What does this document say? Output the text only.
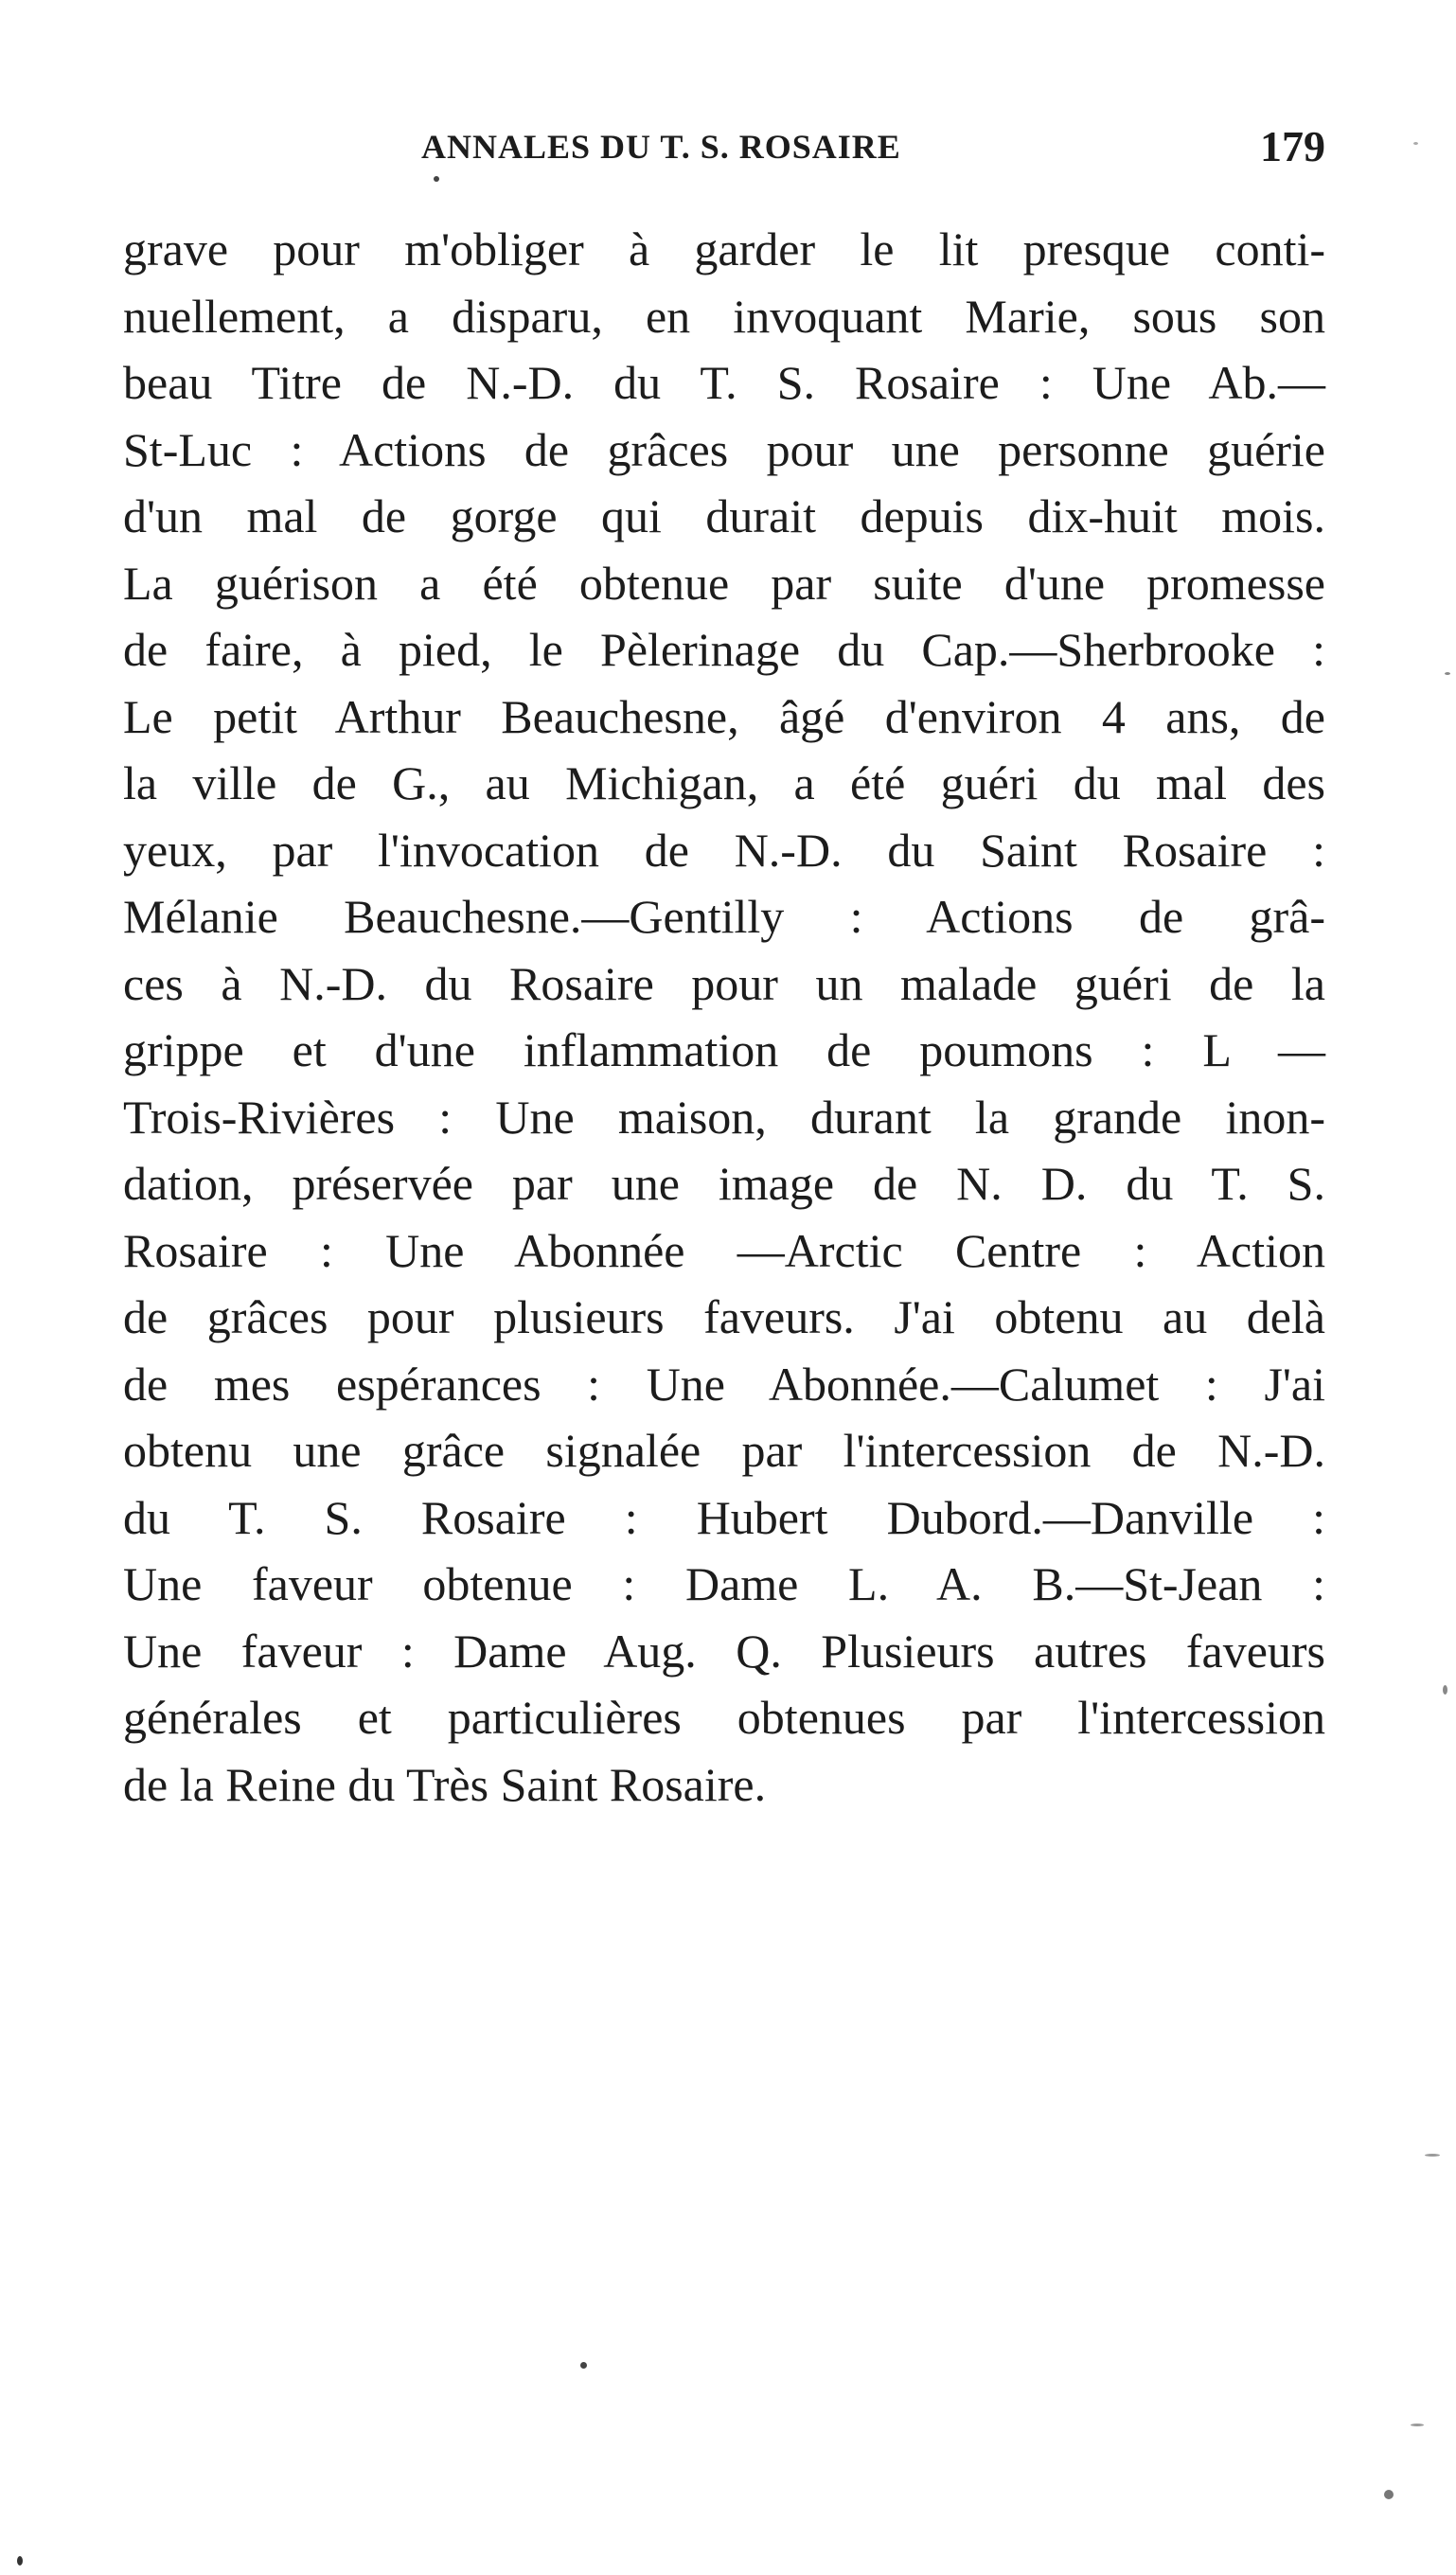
ANNALES DU T. S. ROSAIRE	179
grave pour m'obliger à garder le lit presque conti-
nuellement, a disparu, en invoquant Marie, sous son
beau Titre de N.-D. du T. S. Rosaire : Une Ab.—
St-Luc : Actions de grâces pour une personne guérie
d'un mal de gorge qui durait depuis dix-huit mois.
La guérison a été obtenue par suite d'une promesse
de faire, à pied, le Pèlerinage du Cap.—Sherbrooke :
Le petit Arthur Beauchesne, âgé d'environ 4 ans, de
la ville de G., au Michigan, a été guéri du mal des
yeux, par l'invocation de N.-D. du Saint Rosaire :
Mélanie Beauchesne.—Gentilly : Actions de grâ-
ces à N.-D. du Rosaire pour un malade guéri de la
grippe et d'une inflammation de poumons : L —
Trois-Rivières : Une maison, durant la grande inon-
dation, préservée par une image de N. D. du T. S.
Rosaire : Une Abonnée —Arctic Centre : Action
de grâces pour plusieurs faveurs. J'ai obtenu au delà
de mes espérances : Une Abonnée.—Calumet : J'ai
obtenu une grâce signalée par l'intercession de N.-D.
du T. S. Rosaire : Hubert Dubord.—Danville :
Une faveur obtenue : Dame L. A. B.—St-Jean :
Une faveur : Dame Aug. Q. Plusieurs autres faveurs
générales et particulières obtenues par l'intercession
de la Reine du Très Saint Rosaire.
